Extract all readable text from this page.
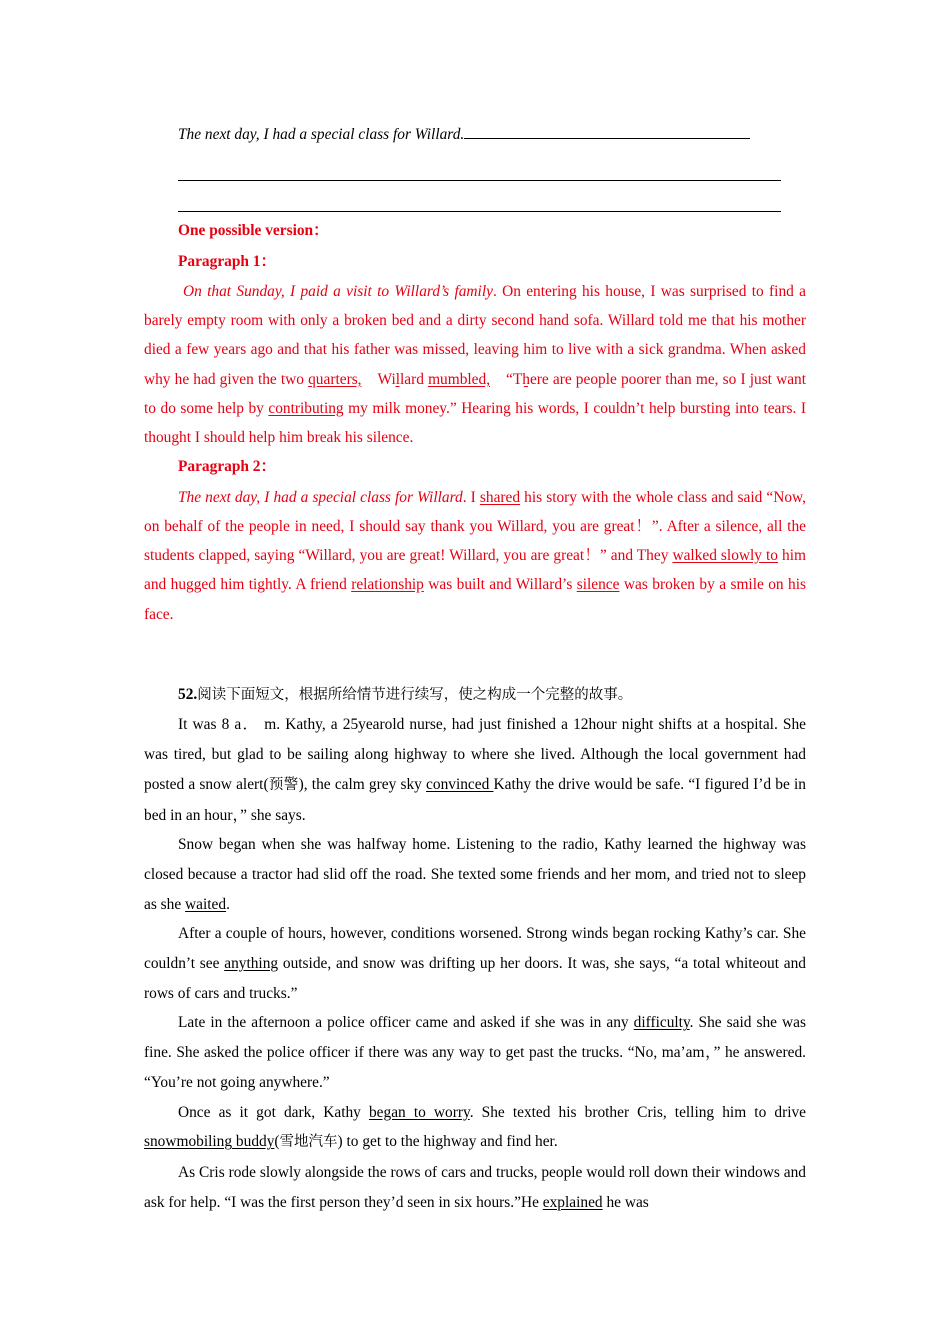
The next day, I had a special class for Willard.

One possible version：

Paragraph 1：

On that Sunday, I paid a visit to Willard’s family. On entering his house, I was surprised to find a barely empty room with only a broken bed and a dirty second hand sofa. Willard told me that his mother died a few years ago and that his father was missed, leaving him to live with a sick grandma. When asked why he had given the two quarters, Willard mumbled, “There are people poorer than me, so I just want to do some help by contributing my milk money.” Hearing his words, I couldn’t help bursting into tears. I thought I should help him break his silence.

Paragraph 2：

The next day, I had a special class for Willard. I shared his story with the whole class and said “Now, on behalf of the people in need, I should say thank you Willard, you are great！”. After a silence, all the students clapped, saying “Willard, you are great! Willard, you are great！” and They walked slowly to him and hugged him tightly. A friend relationship was built and Willard’s silence was broken by a smile on his face.

52.阅读下面短文，根据所给情节进行续写，使之构成一个完整的故事。

It was 8 a． m. Kathy, a 25yearold nurse, had just finished a 12hour night shifts at a hospital. She was tired, but glad to be sailing along highway to where she lived. Although the local government had posted a snow alert(预警), the calm grey sky convinced Kathy the drive would be safe. “I figured I’d be in bed in an hour，” she says.

Snow began when she was halfway home. Listening to the radio, Kathy learned the highway was closed because a tractor had slid off the road. She texted some friends and her mom, and tried not to sleep as she waited.

After a couple of hours, however, conditions worsened. Strong winds began rocking Kathy’s car. She couldn’t see anything outside, and snow was drifting up her doors. It was, she says, “a total whiteout and rows of cars and trucks.”

Late in the afternoon a police officer came and asked if she was in any difficulty. She said she was fine. She asked the police officer if there was any way to get past the trucks. “No, ma’am，” he answered. “You’re not going anywhere.”

Once as it got dark, Kathy began to worry. She texted his brother Cris, telling him to drive snowmobiling buddy(雪地汽车) to get to the highway and find her.

As Cris rode slowly alongside the rows of cars and trucks, people would roll down their windows and ask for help. “I was the first person they’d seen in six hours.”He explained he was
